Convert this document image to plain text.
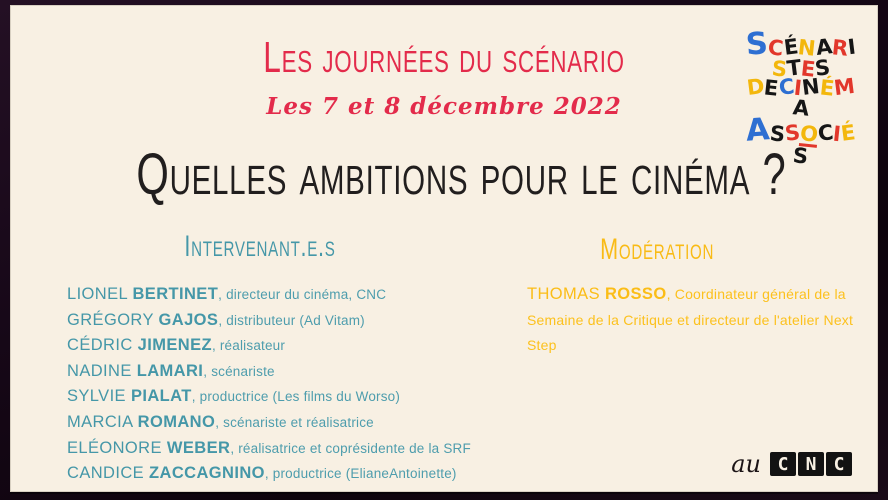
Les journées du scénario
Les 7 et 8 décembre 2022
SCÉNARISTES
DECINÉMA
ASSOCIÉS
Quelles ambitions pour le cinéma ?
Intervenant.e.s
LIONEL BERTINET, directeur du cinéma, CNC
GRÉGORY GAJOS, distributeur (Ad Vitam)
CÉDRIC JIMENEZ, réalisateur
NADINE LAMARI, scénariste
SYLVIE PIALAT, productrice (Les films du Worso)
MARCIA ROMANO, scénariste et réalisatrice
ELÉONORE WEBER, réalisatrice et coprésidente de la SRF
CANDICE ZACCAGNINO, productrice (ElianeAntoinette)
Modération
THOMAS ROSSO, Coordinateur général de la Semaine de la Critique et directeur de l'atelier Next Step
au C N C
